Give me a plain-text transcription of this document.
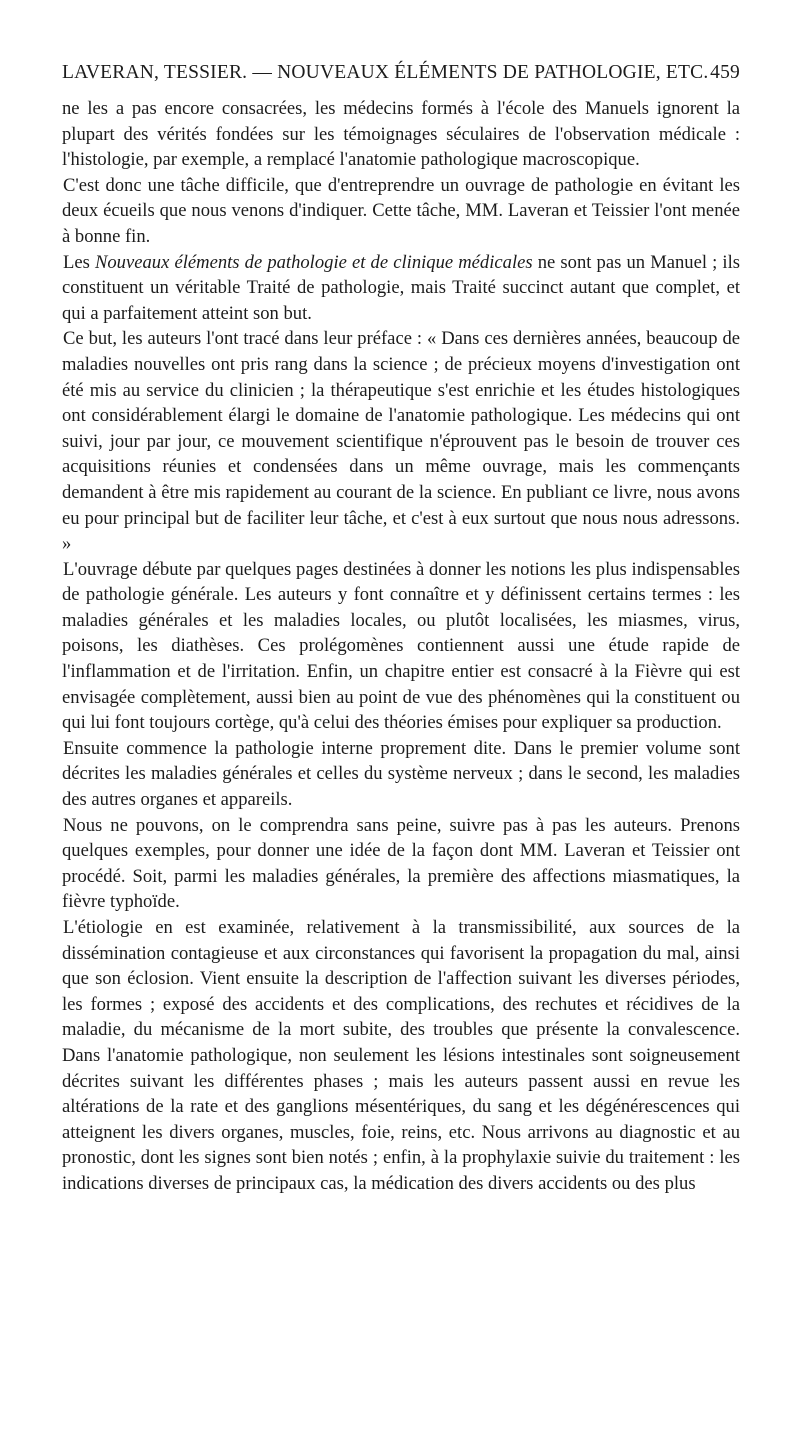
LAVERAN, TESSIER. — NOUVEAUX ÉLÉMENTS DE PATHOLOGIE, ETC. 459

ne les a pas encore consacrées, les médecins formés à l'école des Manuels ignorent la plupart des vérités fondées sur les témoignages séculaires de l'observation médicale : l'histologie, par exemple, a remplacé l'anatomie pathologique macroscopique.

C'est donc une tâche difficile, que d'entreprendre un ouvrage de pathologie en évitant les deux écueils que nous venons d'indiquer. Cette tâche, MM. Laveran et Teissier l'ont menée à bonne fin.

Les Nouveaux éléments de pathologie et de clinique médicales ne sont pas un Manuel ; ils constituent un véritable Traité de pathologie, mais Traité succinct autant que complet, et qui a parfaitement atteint son but.

Ce but, les auteurs l'ont tracé dans leur préface : « Dans ces dernières années, beaucoup de maladies nouvelles ont pris rang dans la science ; de précieux moyens d'investigation ont été mis au service du clinicien ; la thérapeutique s'est enrichie et les études histologiques ont considérablement élargi le domaine de l'anatomie pathologique. Les médecins qui ont suivi, jour par jour, ce mouvement scientifique n'éprouvent pas le besoin de trouver ces acquisitions réunies et condensées dans un même ouvrage, mais les commençants demandent à être mis rapidement au courant de la science. En publiant ce livre, nous avons eu pour principal but de faciliter leur tâche, et c'est à eux surtout que nous nous adressons. »

L'ouvrage débute par quelques pages destinées à donner les notions les plus indispensables de pathologie générale. Les auteurs y font connaître et y définissent certains termes : les maladies générales et les maladies locales, ou plutôt localisées, les miasmes, virus, poisons, les diathèses. Ces prolégomènes contiennent aussi une étude rapide de l'inflammation et de l'irritation. Enfin, un chapitre entier est consacré à la Fièvre qui est envisagée complètement, aussi bien au point de vue des phénomènes qui la constituent ou qui lui font toujours cortège, qu'à celui des théories émises pour expliquer sa production.

Ensuite commence la pathologie interne proprement dite. Dans le premier volume sont décrites les maladies générales et celles du système nerveux ; dans le second, les maladies des autres organes et appareils.

Nous ne pouvons, on le comprendra sans peine, suivre pas à pas les auteurs. Prenons quelques exemples, pour donner une idée de la façon dont MM. Laveran et Teissier ont procédé. Soit, parmi les maladies générales, la première des affections miasmatiques, la fièvre typhoïde.

L'étiologie en est examinée, relativement à la transmissibilité, aux sources de la dissémination contagieuse et aux circonstances qui favorisent la propagation du mal, ainsi que son éclosion. Vient ensuite la description de l'affection suivant les diverses périodes, les formes ; exposé des accidents et des complications, des rechutes et récidives de la maladie, du mécanisme de la mort subite, des troubles que présente la convalescence. Dans l'anatomie pathologique, non seulement les lésions intestinales sont soigneusement décrites suivant les différentes phases ; mais les auteurs passent aussi en revue les altérations de la rate et des ganglions mésentériques, du sang et les dégénérescences qui atteignent les divers organes, muscles, foie, reins, etc. Nous arrivons au diagnostic et au pronostic, dont les signes sont bien notés ; enfin, à la prophylaxie suivie du traitement : les indications diverses de principaux cas, la médication des divers accidents ou des plus
